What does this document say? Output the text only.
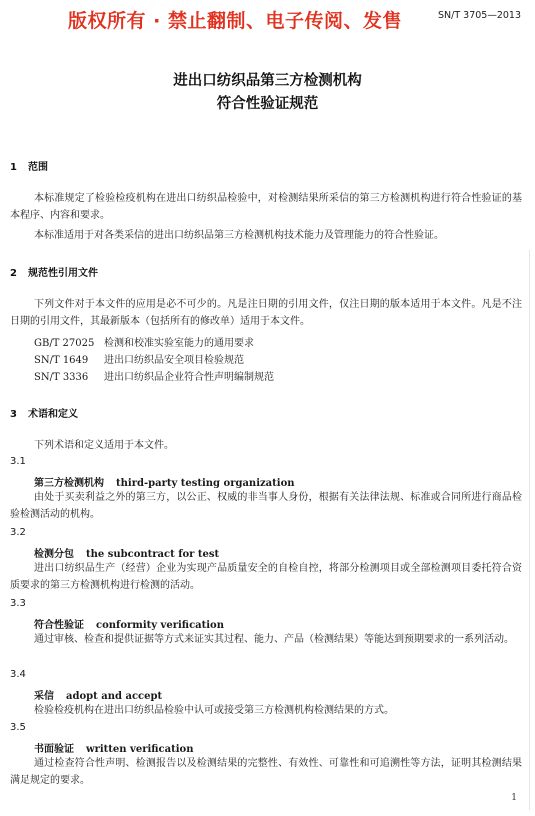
版权所有 · 禁止翻制、电子传阅、发售	SN/T 3705—2013
进出口纺织品第三方检测机构
符合性验证规范
1 范围

本标准规定了检验检疫机构在进出口纺织品检验中，对检测结果所采信的第三方检测机构进行符合性验证的基本程序、内容和要求。

本标准适用于对各类采信的进出口纺织品第三方检测机构技术能力及管理能力的符合性验证。

2 规范性引用文件

下列文件对于本文件的应用是必不可少的。凡是注日期的引用文件，仅注日期的版本适用于本文件。凡是不注日期的引用文件，其最新版本（包括所有的修改单）适用于本文件。

GB/T 27025 检测和校准实验室能力的通用要求
SN/T 1649 进出口纺织品安全项目检验规范
SN/T 3336 进出口纺织品企业符合性声明编制规范
3 术语和定义

下列术语和定义适用于本文件。

3.1
第三方检测机构 third-party testing organization

由处于买卖利益之外的第三方，以公正、权威的非当事人身份，根据有关法律法规、标准或合同所进行商品检验检测活动的机构。

3.2
检测分包 the subcontract for test

进出口纺织品生产（经营）企业为实现产品质量安全的自检自控，将部分检测项目或全部检测项目委托符合资质要求的第三方检测机构进行检测的活动。

3.3
符合性验证 conformity verification

通过审核、检查和提供证据等方式来证实其过程、能力、产品（检测结果）等能达到预期要求的一系列活动。

3.4
采信 adopt and accept

检验检疫机构在进出口纺织品检验中认可或接受第三方检测机构检测结果的方式。

3.5
书面验证 written verification

通过检查符合性声明、检测报告以及检测结果的完整性、有效性、可靠性和可追溯性等方法，证明其检测结果满足规定的要求。

1
